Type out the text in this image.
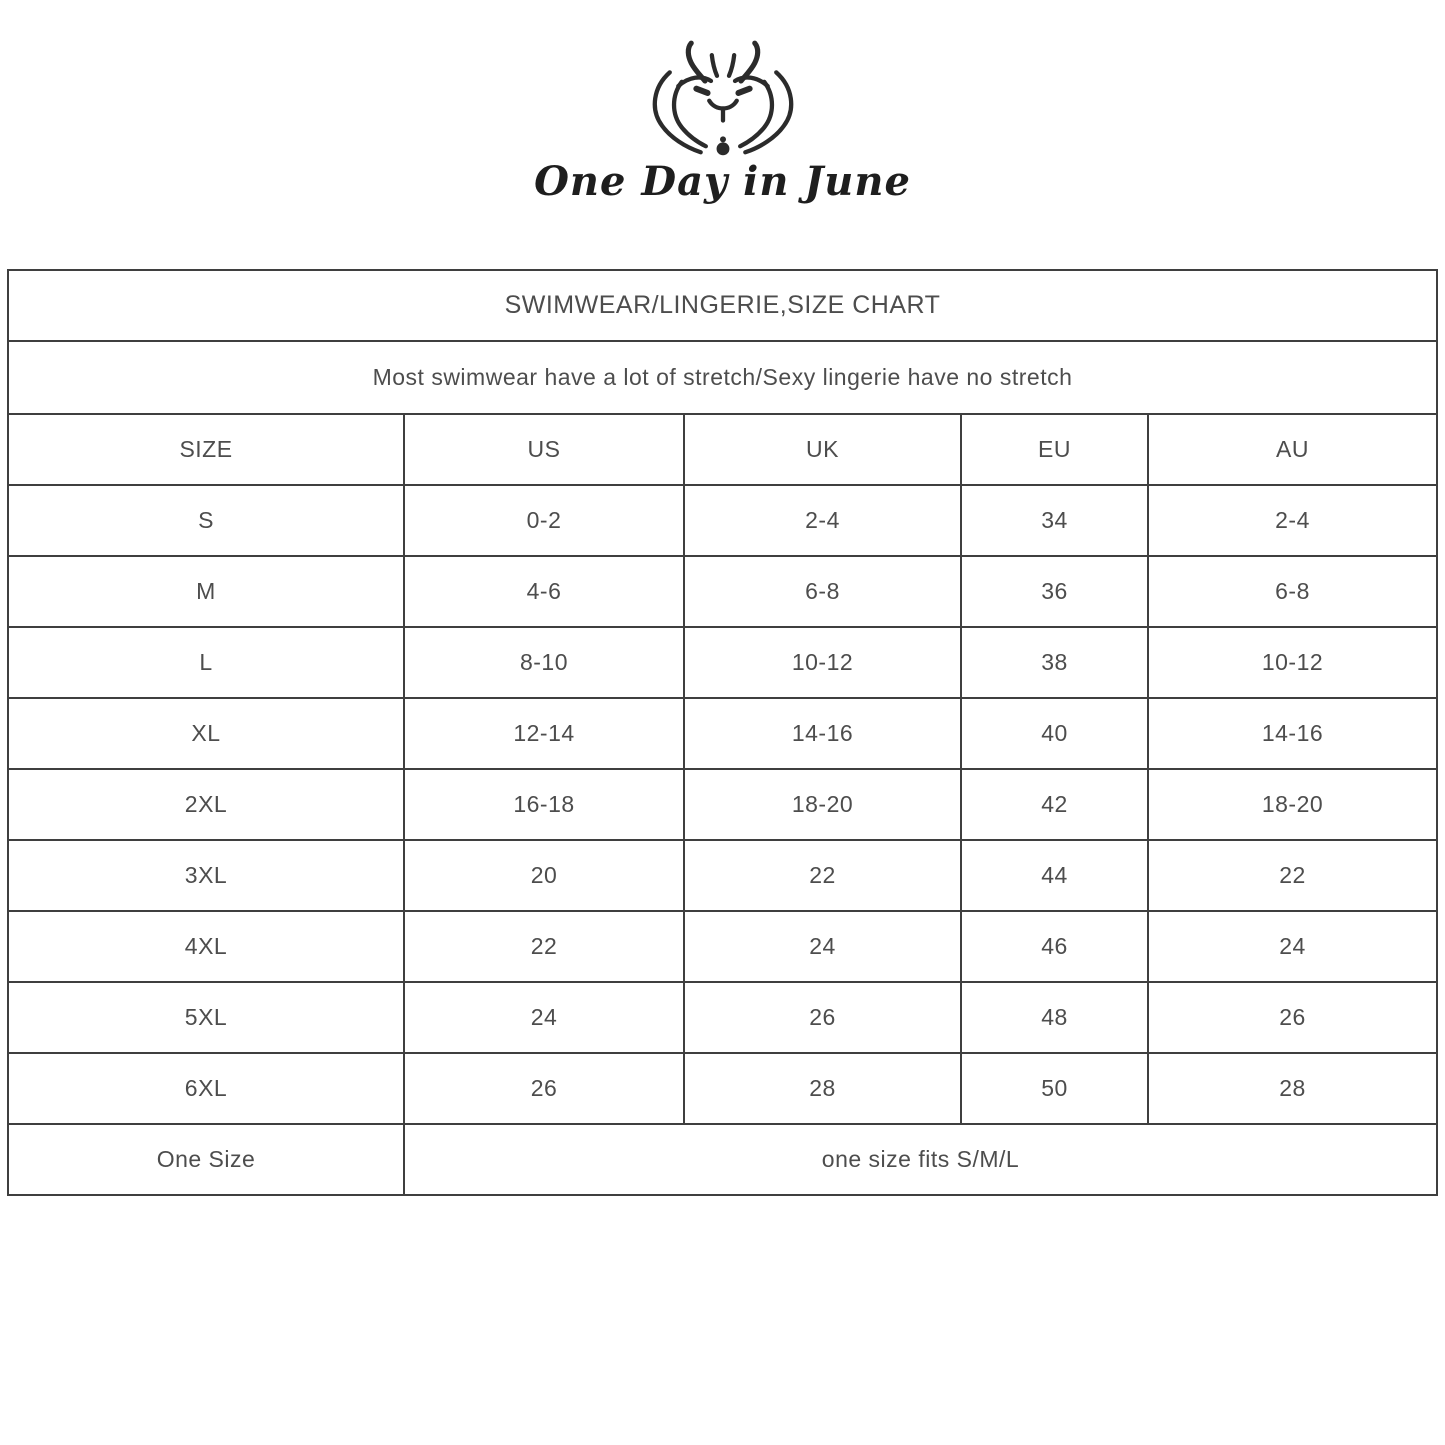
One Day in June
SWIMWEAR/LINGERIE,SIZE CHART				
Most swimwear have a lot of stretch/Sexy lingerie have no stretch				
SIZE	US	UK	EU	AU
S	0-2	2-4	34	2-4
M	4-6	6-8	36	6-8
L	8-10	10-12	38	10-12
XL	12-14	14-16	40	14-16
2XL	16-18	18-20	42	18-20
3XL	20	22	44	22
4XL	22	24	46	24
5XL	24	26	48	26
6XL	26	28	50	28
One Size	one size fits S/M/L			
